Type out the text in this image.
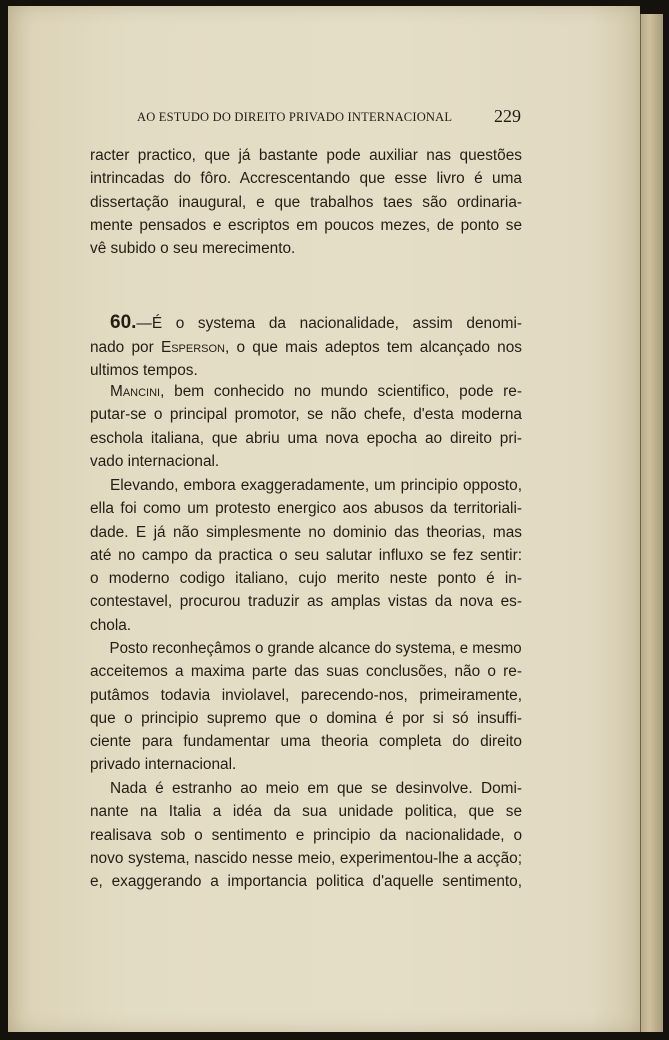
AO ESTUDO DO DIREITO PRIVADO INTERNACIONAL 229
racter practico, que já bastante pode auxiliar nas questões
intrincadas do fôro. Accrescentando que esse livro é uma
dissertação inaugural, e que trabalhos taes são ordinaria-
mente pensados e escriptos em poucos mezes, de ponto se
vê subido o seu merecimento.
60.—É o systema da nacionalidade, assim denomi-
nado por Esperson, o que mais adeptos tem alcançado nos
ultimos tempos.
Mancini, bem conhecido no mundo scientifico, pode re-
putar-se o principal promotor, se não chefe, d'esta moderna
eschola italiana, que abriu uma nova epocha ao direito pri-
vado internacional.
Elevando, embora exaggeradamente, um principio opposto,
ella foi como um protesto energico aos abusos da territoriali-
dade. E já não simplesmente no dominio das theorias, mas
até no campo da practica o seu salutar influxo se fez sentir:
o moderno codigo italiano, cujo merito neste ponto é in-
contestavel, procurou traduzir as amplas vistas da nova es-
chola.
Posto reconheçâmos o grande alcance do systema, e mesmo
acceitemos a maxima parte das suas conclusões, não o re-
putâmos todavia inviolavel, parecendo-nos, primeiramente,
que o principio supremo que o domina é por si só insuffi-
ciente para fundamentar uma theoria completa do direito
privado internacional.
Nada é estranho ao meio em que se desinvolve. Domi-
nante na Italia a idéa da sua unidade politica, que se
realisava sob o sentimento e principio da nacionalidade, o
novo systema, nascido nesse meio, experimentou-lhe a acção;
e, exaggerando a importancia politica d'aquelle sentimento,
